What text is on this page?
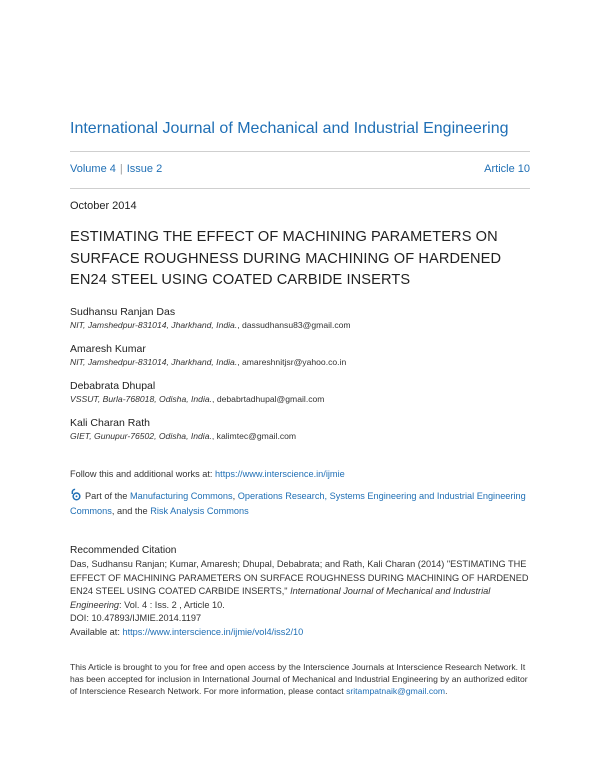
International Journal of Mechanical and Industrial Engineering
Volume 4 | Issue 2	Article 10
October 2014
ESTIMATING THE EFFECT OF MACHINING PARAMETERS ON SURFACE ROUGHNESS DURING MACHINING OF HARDENED EN24 STEEL USING COATED CARBIDE INSERTS
Sudhansu Ranjan Das
NIT, Jamshedpur-831014, Jharkhand, India., dassudhansu83@gmail.com
Amaresh Kumar
NIT, Jamshedpur-831014, Jharkhand, India., amareshnitjsr@yahoo.co.in
Debabrata Dhupal
VSSUT, Burla-768018, Odisha, India., debabrtadhupal@gmail.com
Kali Charan Rath
GIET, Gunupur-76502, Odisha, India., kalimtec@gmail.com
Follow this and additional works at: https://www.interscience.in/ijmie
Part of the Manufacturing Commons, Operations Research, Systems Engineering and Industrial Engineering Commons, and the Risk Analysis Commons
Recommended Citation
Das, Sudhansu Ranjan; Kumar, Amaresh; Dhupal, Debabrata; and Rath, Kali Charan (2014) "ESTIMATING THE EFFECT OF MACHINING PARAMETERS ON SURFACE ROUGHNESS DURING MACHINING OF HARDENED EN24 STEEL USING COATED CARBIDE INSERTS," International Journal of Mechanical and Industrial Engineering: Vol. 4 : Iss. 2 , Article 10.
DOI: 10.47893/IJMIE.2014.1197
Available at: https://www.interscience.in/ijmie/vol4/iss2/10
This Article is brought to you for free and open access by the Interscience Journals at Interscience Research Network. It has been accepted for inclusion in International Journal of Mechanical and Industrial Engineering by an authorized editor of Interscience Research Network. For more information, please contact sritampatnaik@gmail.com.
